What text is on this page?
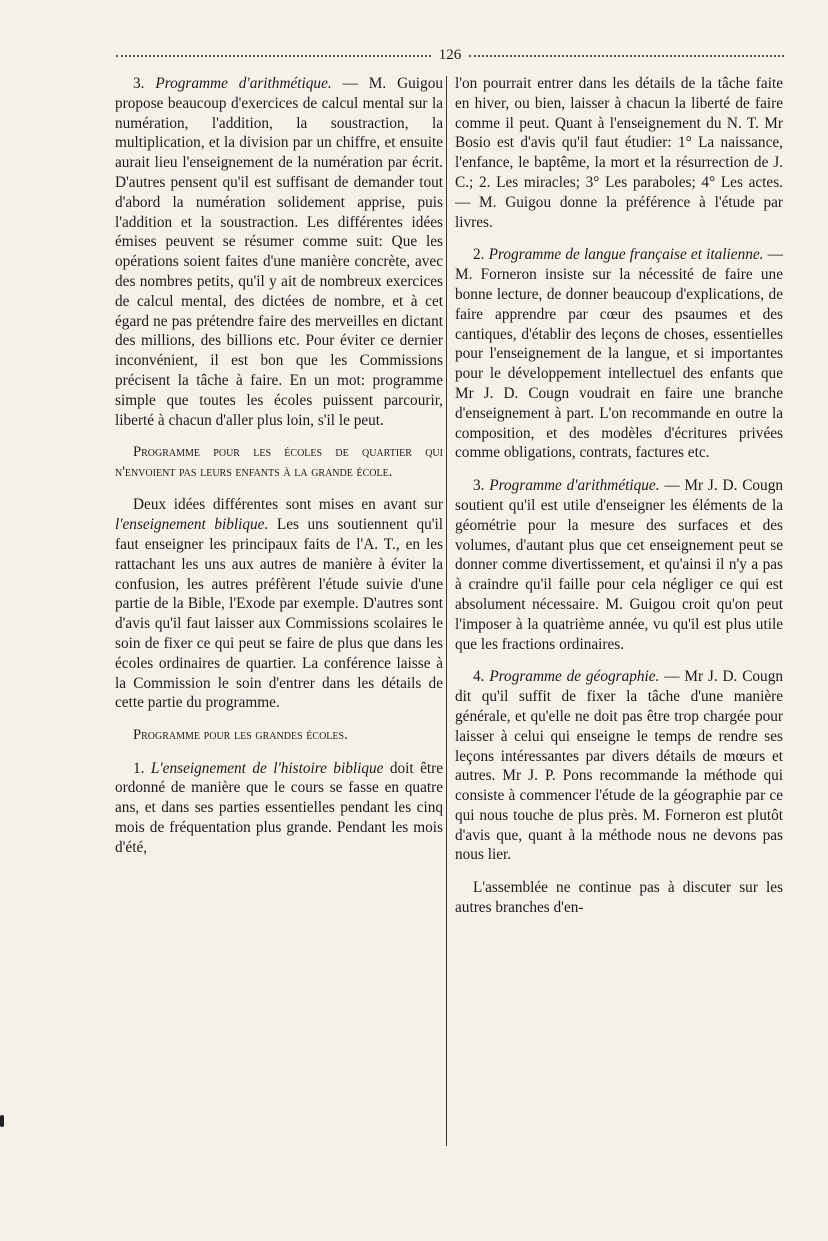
126

3. Programme d'arithmétique. — M. Guigou propose beaucoup d'exercices de calcul mental sur la numération, l'addition, la soustraction, la multiplication, et la division par un chiffre, et ensuite aurait lieu l'enseignement de la numération par écrit. D'autres pensent qu'il est suffisant de demander tout d'abord la numération solidement apprise, puis l'addition et la soustraction. Les différentes idées émises peuvent se résumer comme suit: Que les opérations soient faites d'une manière concrète, avec des nombres petits, qu'il y ait de nombreux exercices de calcul mental, des dictées de nombre, et à cet égard ne pas prétendre faire des merveilles en dictant des millions, des billions etc. Pour éviter ce dernier inconvénient, il est bon que les Commissions précisent la tâche à faire. En un mot: programme simple que toutes les écoles puissent parcourir, liberté à chacun d'aller plus loin, s'il le peut.

Programme pour les écoles de quartier qui n'envoient pas leurs enfants à la grande école.

Deux idées différentes sont mises en avant sur l'enseignement biblique. Les uns soutiennent qu'il faut enseigner les principaux faits de l'A. T., en les rattachant les uns aux autres de manière à éviter la confusion, les autres préfèrent l'étude suivie d'une partie de la Bible, l'Exode par exemple. D'autres sont d'avis qu'il faut laisser aux Commissions scolaires le soin de fixer ce qui peut se faire de plus que dans les écoles ordinaires de quartier. La conférence laisse à la Commission le soin d'entrer dans les détails de cette partie du programme.

Programme pour les grandes écoles.

1. L'enseignement de l'histoire biblique doit être ordonné de manière que le cours se fasse en quatre ans, et dans ses parties essentielles pendant les cinq mois de fréquentation plus grande. Pendant les mois d'été,

l'on pourrait entrer dans les détails de la tâche faite en hiver, ou bien, laisser à chacun la liberté de faire comme il peut. Quant à l'enseignement du N. T. Mr Bosio est d'avis qu'il faut étudier: 1° La naissance, l'enfance, le baptême, la mort et la résurrection de J. C.; 2. Les miracles; 3° Les paraboles; 4° Les actes. — M. Guigou donne la préférence à l'étude par livres.

2. Programme de langue française et italienne. — M. Forneron insiste sur la nécessité de faire une bonne lecture, de donner beaucoup d'explications, de faire apprendre par cœur des psaumes et des cantiques, d'établir des leçons de choses, essentielles pour l'enseignement de la langue, et si importantes pour le développement intellectuel des enfants que Mr J. D. Cougn voudrait en faire une branche d'enseignement à part. L'on recommande en outre la composition, et des modèles d'écritures privées comme obligations, contrats, factures etc.

3. Programme d'arithmétique. — Mr J. D. Cougn soutient qu'il est utile d'enseigner les éléments de la géométrie pour la mesure des surfaces et des volumes, d'autant plus que cet enseignement peut se donner comme divertissement, et qu'ainsi il n'y a pas à craindre qu'il faille pour cela négliger ce qui est absolument nécessaire. M. Guigou croit qu'on peut l'imposer à la quatrième année, vu qu'il est plus utile que les fractions ordinaires.

4. Programme de géographie. — Mr J. D. Cougn dit qu'il suffit de fixer la tâche d'une manière générale, et qu'elle ne doit pas être trop chargée pour laisser à celui qui enseigne le temps de rendre ses leçons intéressantes par divers détails de mœurs et autres. Mr J. P. Pons recommande la méthode qui consiste à commencer l'étude de la géographie par ce qui nous touche de plus près. M. Forneron est plutôt d'avis que, quant à la méthode nous ne devons pas nous lier.

L'assemblée ne continue pas à discuter sur les autres branches d'en-
